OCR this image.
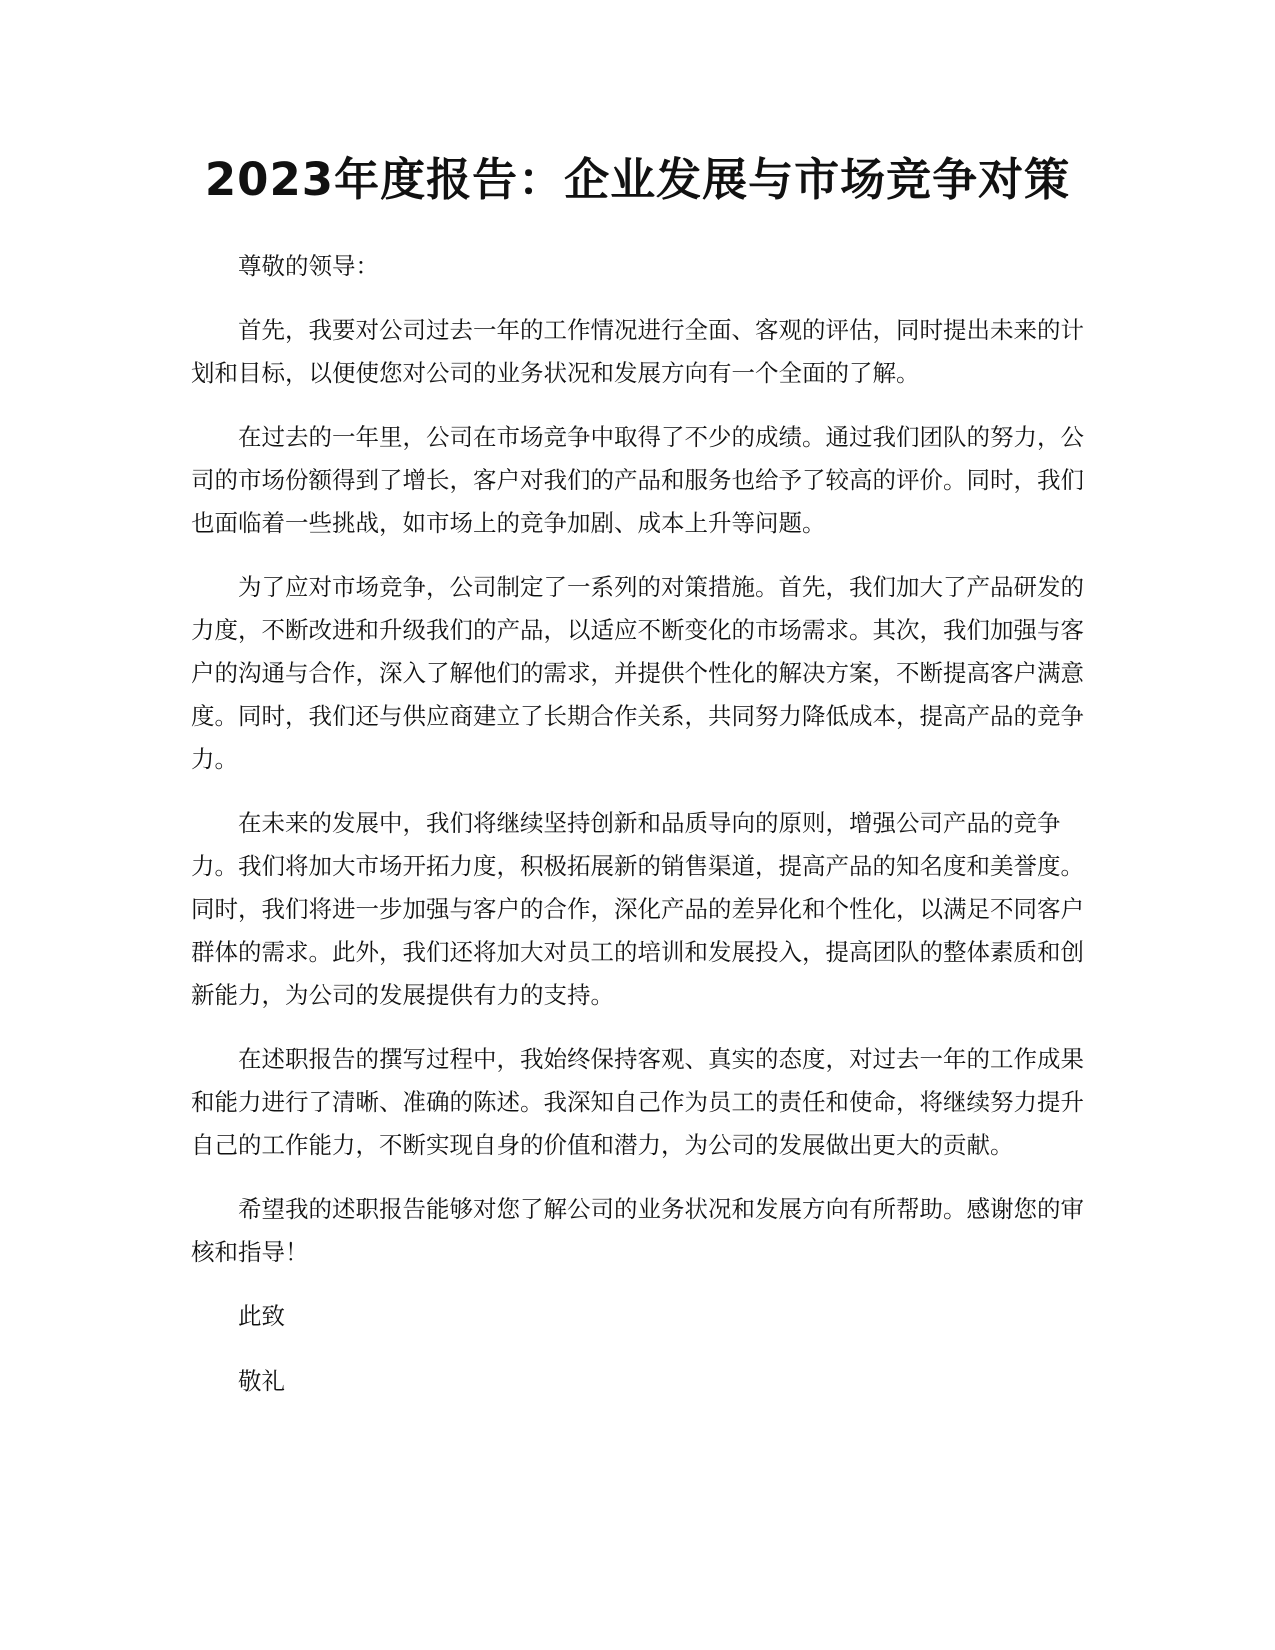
2023年度报告：企业发展与市场竞争对策

尊敬的领导：

首先，我要对公司过去一年的工作情况进行全面、客观的评估，同时提出未来的计划和目标，以便使您对公司的业务状况和发展方向有一个全面的了解。

在过去的一年里，公司在市场竞争中取得了不少的成绩。通过我们团队的努力，公司的市场份额得到了增长，客户对我们的产品和服务也给予了较高的评价。同时，我们也面临着一些挑战，如市场上的竞争加剧、成本上升等问题。

为了应对市场竞争，公司制定了一系列的对策措施。首先，我们加大了产品研发的力度，不断改进和升级我们的产品，以适应不断变化的市场需求。其次，我们加强与客户的沟通与合作，深入了解他们的需求，并提供个性化的解决方案，不断提高客户满意度。同时，我们还与供应商建立了长期合作关系，共同努力降低成本，提高产品的竞争力。

在未来的发展中，我们将继续坚持创新和品质导向的原则，增强公司产品的竞争力。我们将加大市场开拓力度，积极拓展新的销售渠道，提高产品的知名度和美誉度。同时，我们将进一步加强与客户的合作，深化产品的差异化和个性化，以满足不同客户群体的需求。此外，我们还将加大对员工的培训和发展投入，提高团队的整体素质和创新能力，为公司的发展提供有力的支持。

在述职报告的撰写过程中，我始终保持客观、真实的态度，对过去一年的工作成果和能力进行了清晰、准确的陈述。我深知自己作为员工的责任和使命，将继续努力提升自己的工作能力，不断实现自身的价值和潜力，为公司的发展做出更大的贡献。

希望我的述职报告能够对您了解公司的业务状况和发展方向有所帮助。感谢您的审核和指导！

此致

敬礼
